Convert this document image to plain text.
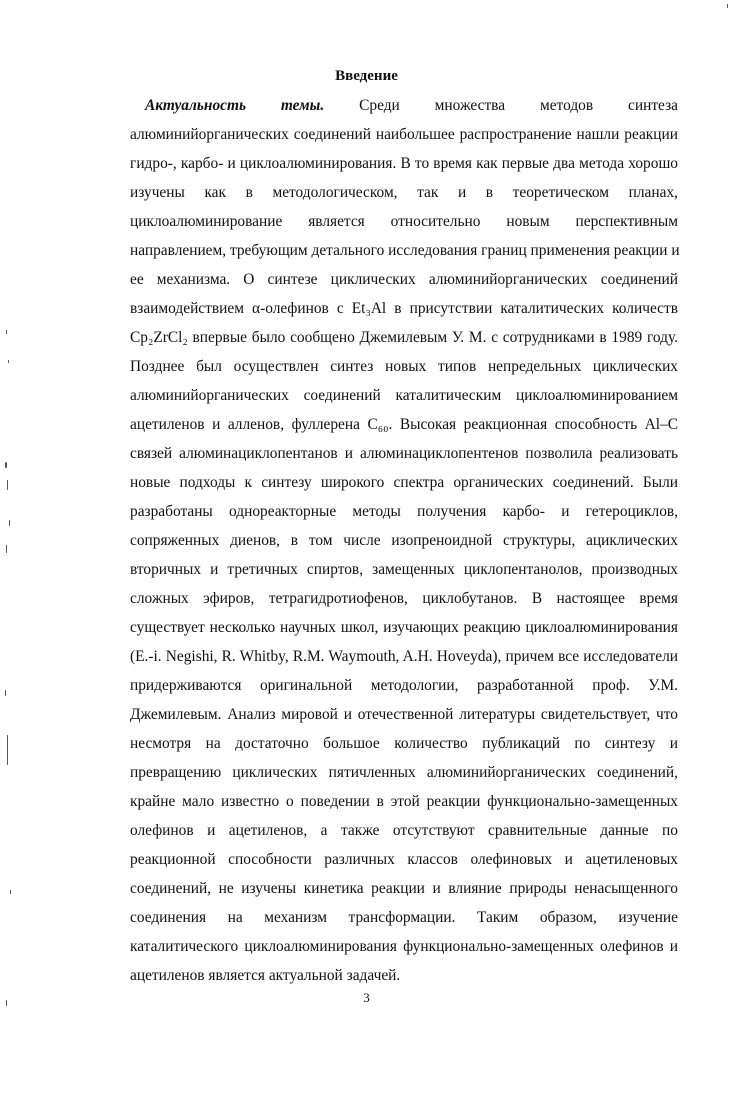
Введение
Актуальность темы. Среди множества методов синтеза
алюминийорганических соединений наибольшее распространение нашли реакции
гидро-, карбо- и циклоалюминирования. В то время как первые два метода хорошо
изучены как в методологическом, так и в теоретическом планах,
циклоалюминирование является относительно новым перспективным
направлением, требующим детального исследования границ применения реакции и
ее механизма. О синтезе циклических алюминийорганических соединений
взаимодействием α-олефинов с Et₃Al в присутствии каталитических количеств
Cp₂ZrCl₂ впервые было сообщено Джемилевым У. М. с сотрудниками в 1989 году.
Позднее был осуществлен синтез новых типов непредельных циклических
алюминийорганических соединений каталитическим циклоалюминированием
ацетиленов и алленов, фуллерена C₆₀. Высокая реакционная способность Al–C
связей алюминациклопентанов и алюминациклопентенов позволила реализовать
новые подходы к синтезу широкого спектра органических соединений. Были
разработаны однореакторные методы получения карбо- и гетероциклов,
сопряженных диенов, в том числе изопреноидной структуры, ациклических
вторичных и третичных спиртов, замещенных циклопентанолов, производных
сложных эфиров, тетрагидротиофенов, циклобутанов. В настоящее время
существует несколько научных школ, изучающих реакцию циклоалюминирования
(E.-i. Negishi, R. Whitby, R.M. Waymouth, A.H. Hoveyda), причем все исследователи
придерживаются оригинальной методологии, разработанной проф. У.М.
Джемилевым. Анализ мировой и отечественной литературы свидетельствует, что
несмотря на достаточно большое количество публикаций по синтезу и
превращению циклических пятичленных алюминийорганических соединений,
крайне мало известно о поведении в этой реакции функционально-замещенных
олефинов и ацетиленов, а также отсутствуют сравнительные данные по
реакционной способности различных классов олефиновых и ацетиленовых
соединений, не изучены кинетика реакции и влияние природы ненасыщенного
соединения на механизм трансформации. Таким образом, изучение
каталитического циклоалюминирования функционально-замещенных олефинов и
ацетиленов является актуальной задачей.
3
